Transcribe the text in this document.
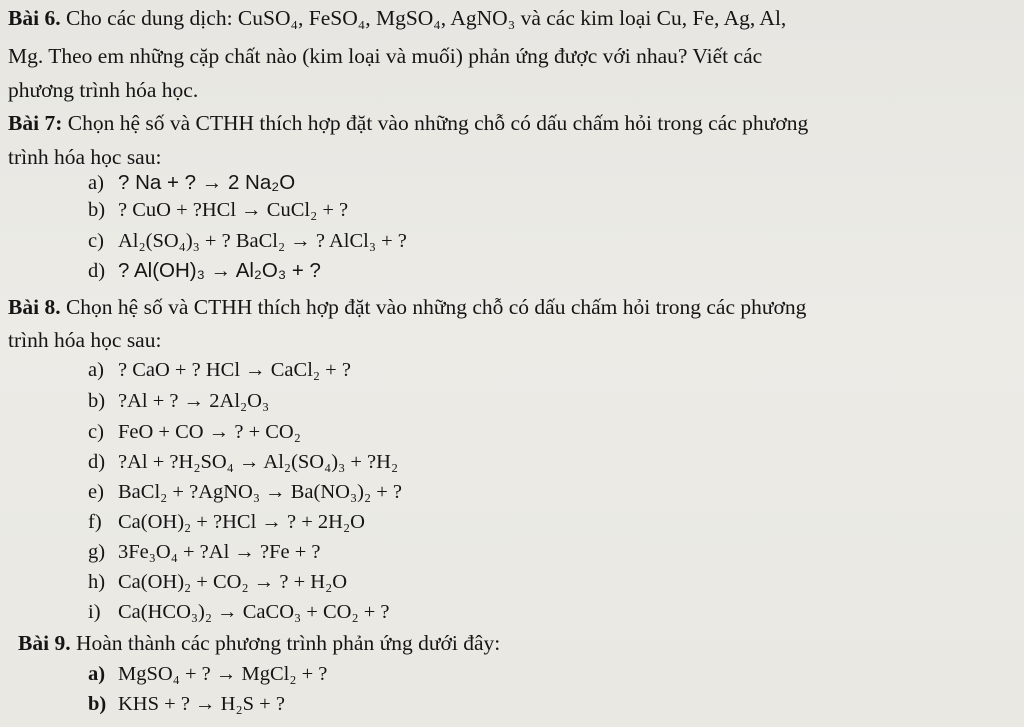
Bài 6. Cho các dung dịch: CuSO₄, FeSO₄, MgSO₄, AgNO₃ và các kim loại Cu, Fe, Ag, Al,
Mg. Theo em những cặp chất nào (kim loại và muối) phản ứng được với nhau? Viết các
phương trình hóa học.
Bài 7: Chọn hệ số và CTHH thích hợp đặt vào những chỗ có dấu chấm hỏi trong các phương
trình hóa học sau:
a) ? Na + ? → 2 Na₂O
b) ? CuO + ?HCl → CuCl₂ + ?
c) Al₂(SO₄)₃ + ? BaCl₂ → ? AlCl₃ + ?
d) ? Al(OH)₃ → Al₂O₃ + ?
Bài 8. Chọn hệ số và CTHH thích hợp đặt vào những chỗ có dấu chấm hỏi trong các phương
trình hóa học sau:
a) ? CaO + ? HCl → CaCl₂ + ?
b) ?Al + ? → 2Al₂O₃
c) FeO + CO → ? + CO₂
d) ?Al + ?H₂SO₄ → Al₂(SO₄)₃ + ?H₂
e) BaCl₂ + ?AgNO₃ → Ba(NO₃)₂ + ?
f) Ca(OH)₂ + ?HCl → ? + 2H₂O
g) 3Fe₃O₄ + ?Al → ?Fe + ?
h) Ca(OH)₂ + CO₂ → ? + H₂O
i) Ca(HCO₃)₂ → CaCO₃ + CO₂ + ?
Bài 9. Hoàn thành các phương trình phản ứng dưới đây:
a) MgSO₄ + ? → MgCl₂ + ?
b) KHS + ? → H₂S + ?
